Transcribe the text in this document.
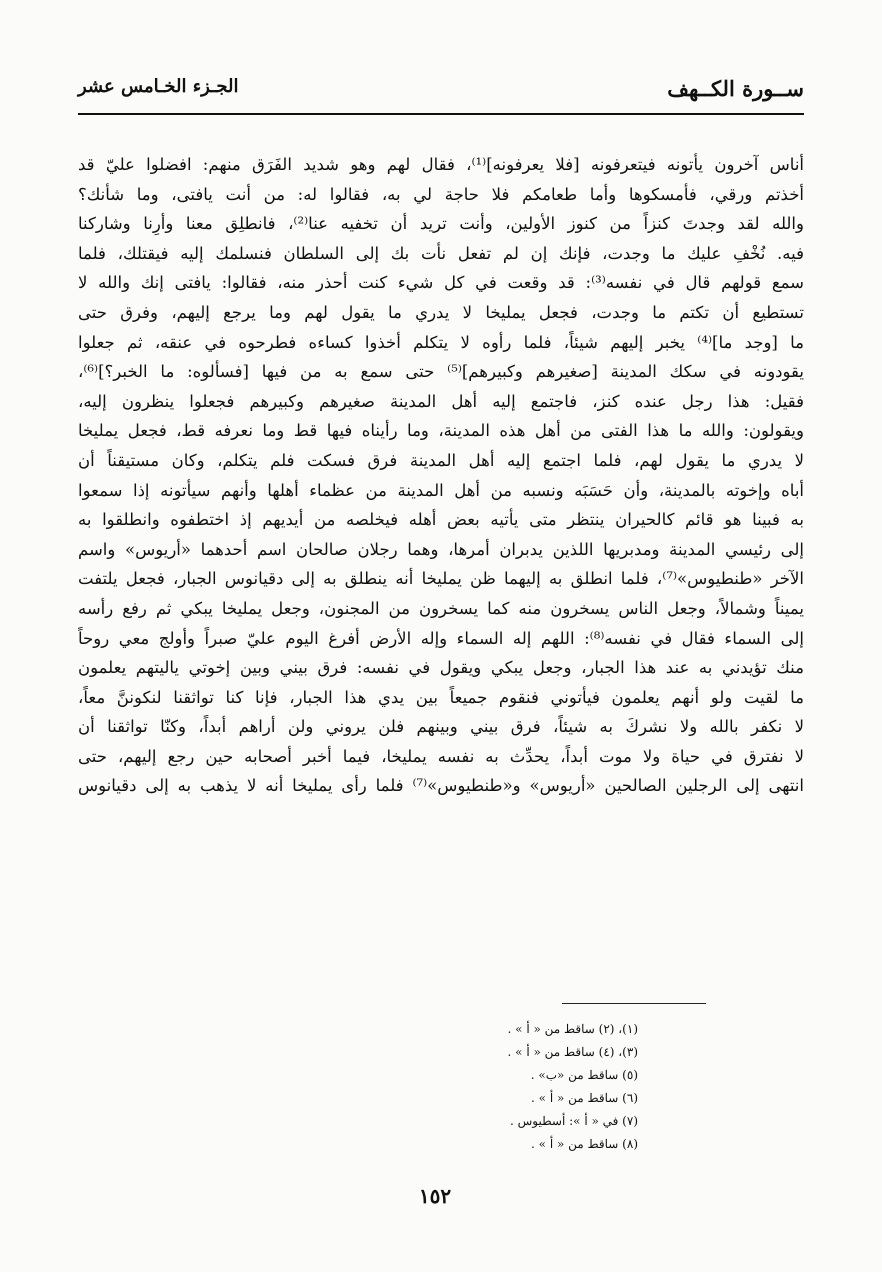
ســورة الكــهف
الجـزء الخـامس عشر
أناس آخرون يأتونه فيتعرفونه [فلا يعرفونه]⁽¹⁾، فقال لهم وهو شديد الفَرَق منهم: افضلوا عليّ قد
أخذتم ورقي، فأمسكوها وأما طعامكم فلا حاجة لي به، فقالوا له: من أنت يافتى، وما شأنك؟
والله لقد وجدتَ كنزاً من كنوز الأولين، وأنت تريد أن تخفيه عنا⁽²⁾، فانطلِق معنا وأرِنا وشاركنا
فيه. نُخْفِ عليك ما وجدت، فإنك إن لم تفعل نأت بك إلى السلطان فنسلمك إليه فيقتلك، فلما
سمع قولهم قال في نفسه⁽³⁾: قد وقعت في كل شيء كنت أحذر منه، فقالوا: يافتى إنك والله لا
تستطيع أن تكتم ما وجدت، فجعل يمليخا لا يدري ما يقول لهم وما يرجع إليهم، وفرق حتى
ما [وجد ما]⁽⁴⁾ يخبر إليهم شيئاً، فلما رأوه لا يتكلم أخذوا كساءه فطرحوه في عنقه، ثم جعلوا
يقودونه في سكك المدينة [صغيرهم وكبيرهم]⁽⁵⁾ حتى سمع به من فيها [فسألوه: ما الخبر؟]⁽⁶⁾،
فقيل: هذا رجل عنده كنز، فاجتمع إليه أهل المدينة صغيرهم وكبيرهم فجعلوا ينظرون إليه،
ويقولون: والله ما هذا الفتى من أهل هذه المدينة، وما رأيناه فيها قط وما نعرفه قط، فجعل يمليخا
لا يدري ما يقول لهم، فلما اجتمع إليه أهل المدينة فرق فسكت فلم يتكلم، وكان مستيقناً أن
أباه وإخوته بالمدينة، وأن حَسَبَه ونسبه من أهل المدينة من عظماء أهلها وأنهم سيأتونه إذا سمعوا
به فبينا هو قائم كالحيران ينتظر متى يأتيه بعض أهله فيخلصه من أيديهم إذ اختطفوه وانطلقوا به
إلى رئيسي المدينة ومدبريها اللذين يدبران أمرها، وهما رجلان صالحان اسم أحدهما «أريوس» واسم
الآخر «طنطيوس»⁽⁷⁾، فلما انطلق به إليهما ظن يمليخا أنه ينطلق به إلى دقيانوس الجبار، فجعل يلتفت
يميناً وشمالاً، وجعل الناس يسخرون منه كما يسخرون من المجنون، وجعل يمليخا يبكي ثم رفع رأسه
إلى السماء فقال في نفسه⁽⁸⁾: اللهم إله السماء وإله الأرض أفرغ اليوم عليّ صبراً وأولج معي روحاً
منك تؤيدني به عند هذا الجبار، وجعل يبكي ويقول في نفسه: فرق بيني وبين إخوتي ياليتهم يعلمون
ما لقيت ولو أنهم يعلمون فيأتوني فنقوم جميعاً بين يدي هذا الجبار، فإنا كنا تواثقنا لنكوننَّ معاً،
لا نكفر بالله ولا نشركَ به شيئاً، فرق بيني وبينهم فلن يروني ولن أراهم أبداً، وكنّا تواثقنا أن
لا نفترق في حياة ولا موت أبداً، يحدِّث به نفسه يمليخا، فيما أخبر أصحابه حين رجع إليهم، حتى
انتهى إلى الرجلين الصالحين «أريوس» و«طنطيوس»⁽⁷⁾ فلما رأى يمليخا أنه لا يذهب به إلى دقيانوس
(١)، (٢) ساقط من « أ » .
(٣)، (٤) ساقط من « أ » .
(٥) ساقط من «ب» .
(٦) ساقط من « أ » .
(٧) في « أ »: أسطيوس .
(٨) ساقط من « أ » .
١٥٢
